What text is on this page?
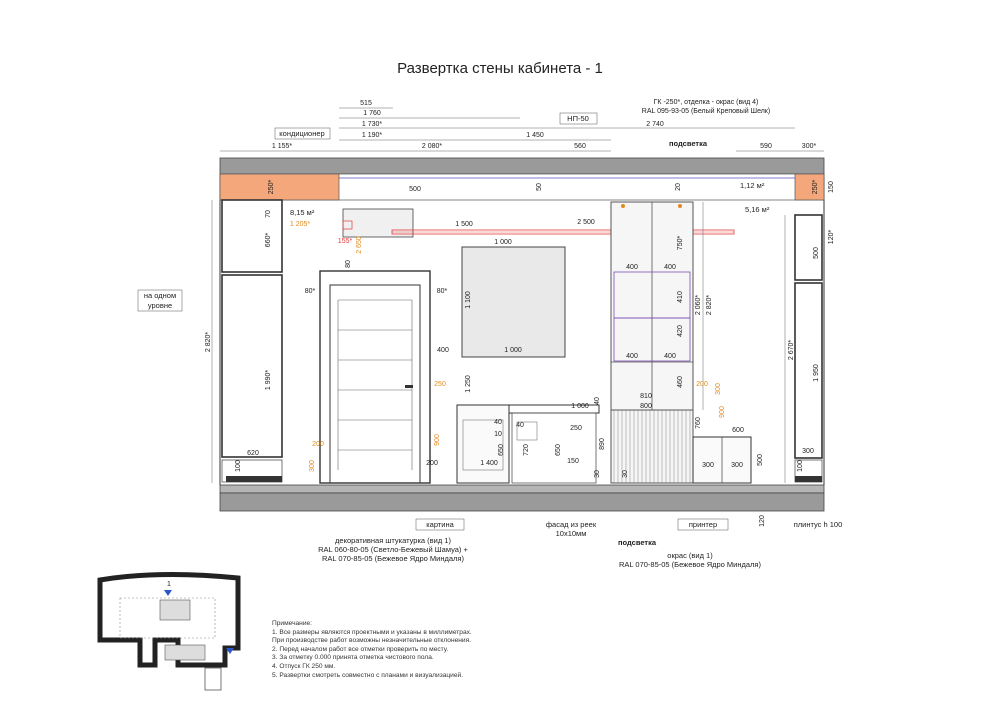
Развертка стены кабинета - 1
1
кондиционер
НП-50
подсветка
ГК -250*, отделка - окрас (вид 4)
RAL 095-93-05 (Белый Креповый Шелк)
на одном
уровне
8,15 м²
1,12 м²
5,16 м²
картина	фасад из реек
10х10мм
принтер	плинтус h 100
подсветка
декоративная штукатурка (вид 1)
RAL 060-80-05 (Светло-Бежевый Шамуа) +
RAL 070-85-05 (Бежевое Ядро Миндаля)	окрас (вид 1)
RAL 070-85-05 (Бежевое Ядро Миндаля)
515
1 760
1 730*
1 190*	1 450
2 740
1 155*	2 080*	560	590	300*
250*	500	50	20	250* 150
70
660*
1 205*
155* 2 650
1 500	2 500
1 000
80
80*	80*	1 100
400	1 000
400	400
400	400
750*
410
420
460
2 060* 2 820*
2 820*
1 990*
2 670*
1 950
620
100	100
200
300
250
900
1 250
1 400
200
40
10
40
720
650	650
250
150
1 000
40
890
30	30
810
800
200 300
900
760
600
300 300 500
300
500
120*
120
Примечание:
1. Все размеры являются проектными и указаны в миллиметрах.
При производстве работ возможны незначительные отклонения.
2. Перед началом работ все отметки проверить по месту.
3. За отметку 0.000 принята отметка чистового пола.
4. Отпуск ГК 250 мм.
5. Развертки смотреть совместно с планами и визуализацией.
